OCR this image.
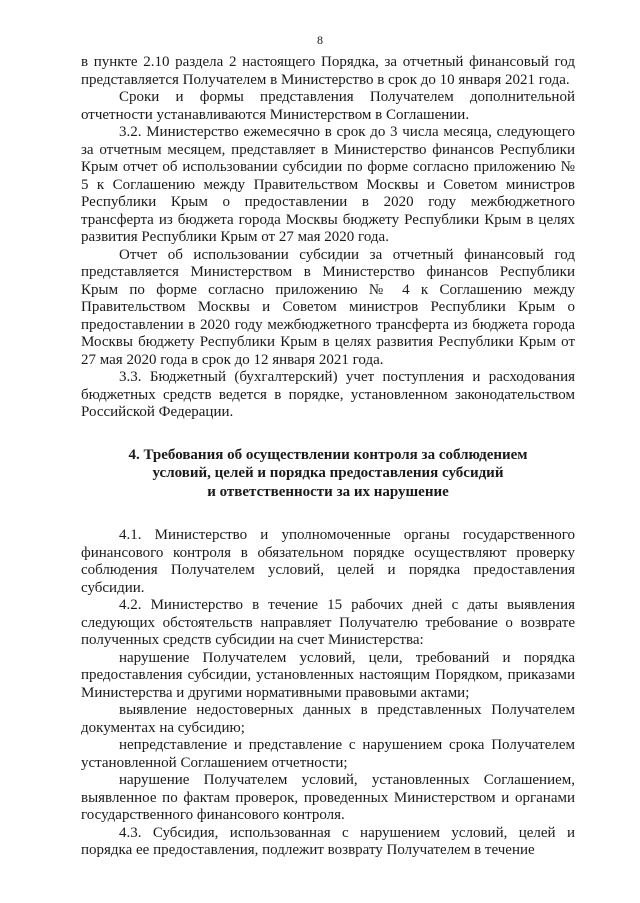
8

в пункте 2.10 раздела 2 настоящего Порядка, за отчетный финансовый год представляется Получателем в Министерство в срок до 10 января 2021 года.

Сроки и формы представления Получателем дополнительной отчетности устанавливаются Министерством в Соглашении.

3.2. Министерство ежемесячно в срок до 3 числа месяца, следующего за отчетным месяцем, представляет в Министерство финансов Республики Крым отчет об использовании субсидии по форме согласно приложению № 5 к Соглашению между Правительством Москвы и Советом министров Республики Крым о предоставлении в 2020 году межбюджетного трансферта из бюджета города Москвы бюджету Республики Крым в целях развития Республики Крым от 27 мая 2020 года.

Отчет об использовании субсидии за отчетный финансовый год представляется Министерством в Министерство финансов Республики Крым по форме согласно приложению № 4 к Соглашению между Правительством Москвы и Советом министров Республики Крым о предоставлении в 2020 году межбюджетного трансферта из бюджета города Москвы бюджету Республики Крым в целях развития Республики Крым от 27 мая 2020 года в срок до 12 января 2021 года.

3.3. Бюджетный (бухгалтерский) учет поступления и расходования бюджетных средств ведется в порядке, установленном законодательством Российской Федерации.

4. Требования об осуществлении контроля за соблюдением
условий, целей и порядка предоставления субсидий
и ответственности за их нарушение

4.1. Министерство и уполномоченные органы государственного финансового контроля в обязательном порядке осуществляют проверку соблюдения Получателем условий, целей и порядка предоставления субсидии.

4.2. Министерство в течение 15 рабочих дней с даты выявления следующих обстоятельств направляет Получателю требование о возврате полученных средств субсидии на счет Министерства:

нарушение Получателем условий, цели, требований и порядка предоставления субсидии, установленных настоящим Порядком, приказами Министерства и другими нормативными правовыми актами;

выявление недостоверных данных в представленных Получателем документах на субсидию;

непредставление и представление с нарушением срока Получателем установленной Соглашением отчетности;

нарушение Получателем условий, установленных Соглашением, выявленное по фактам проверок, проведенных Министерством и органами государственного финансового контроля.

4.3. Субсидия, использованная с нарушением условий, целей и порядка ее предоставления, подлежит возврату Получателем в течение
